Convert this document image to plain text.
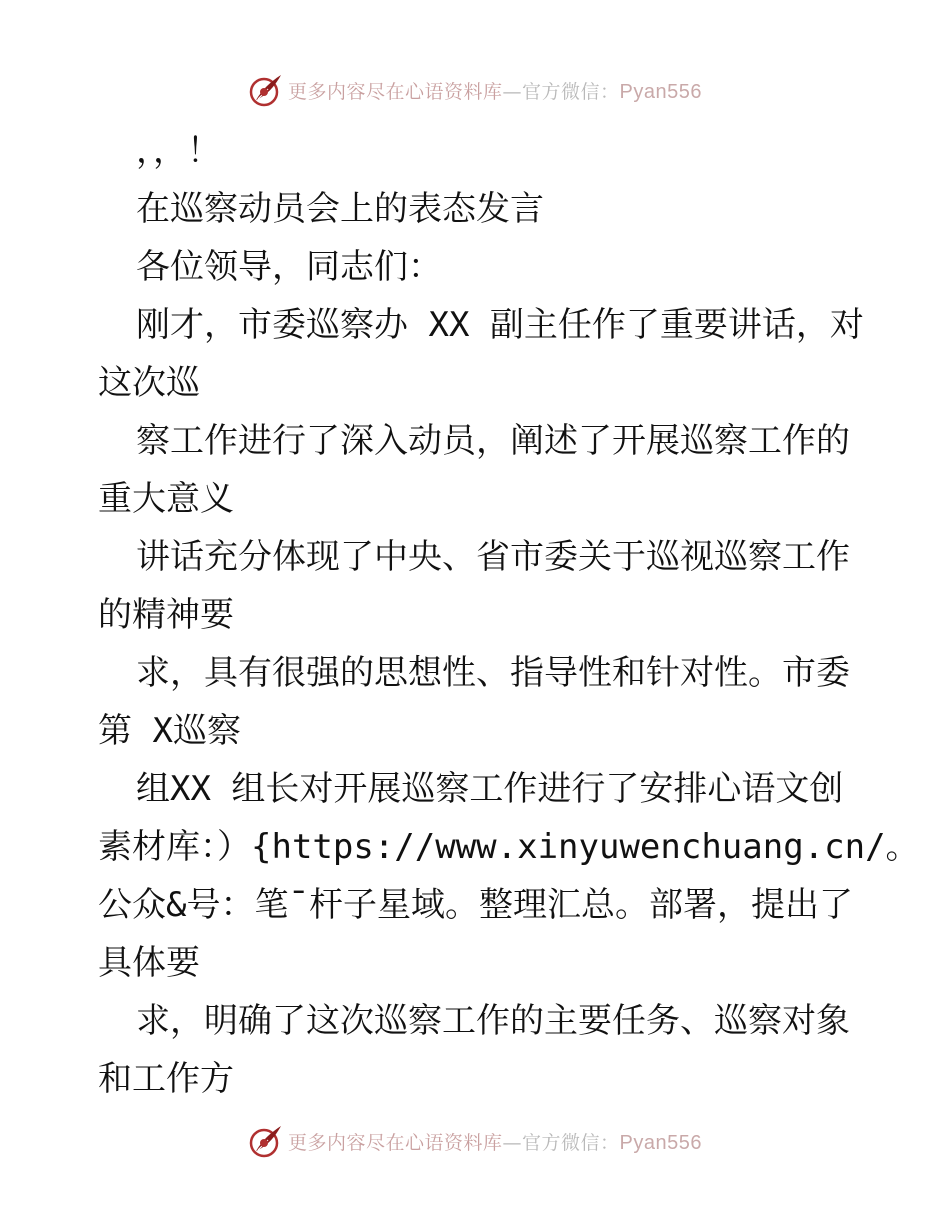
更多内容尽在心语资料库—官方微信：Pyan556

，，！

在巡察动员会上的表态发言

各位领导，同志们：

刚才，市委巡察办 XX 副主任作了重要讲话，对

这次巡

察工作进行了深入动员，阐述了开展巡察工作的

重大意义

讲话充分体现了中央、省市委关于巡视巡察工作

的精神要

求，具有很强的思想性、指导性和针对性。市委

第 X巡察

组XX 组长对开展巡察工作进行了安排心语文创

素材库：）{https://www.xinyuwenchuang.cn/。

公众&号：笔¯杆子星域。整理汇总。部署，提出了

具体要

求，明确了这次巡察工作的主要任务、巡察对象

和工作方

更多内容尽在心语资料库—官方微信：Pyan556
